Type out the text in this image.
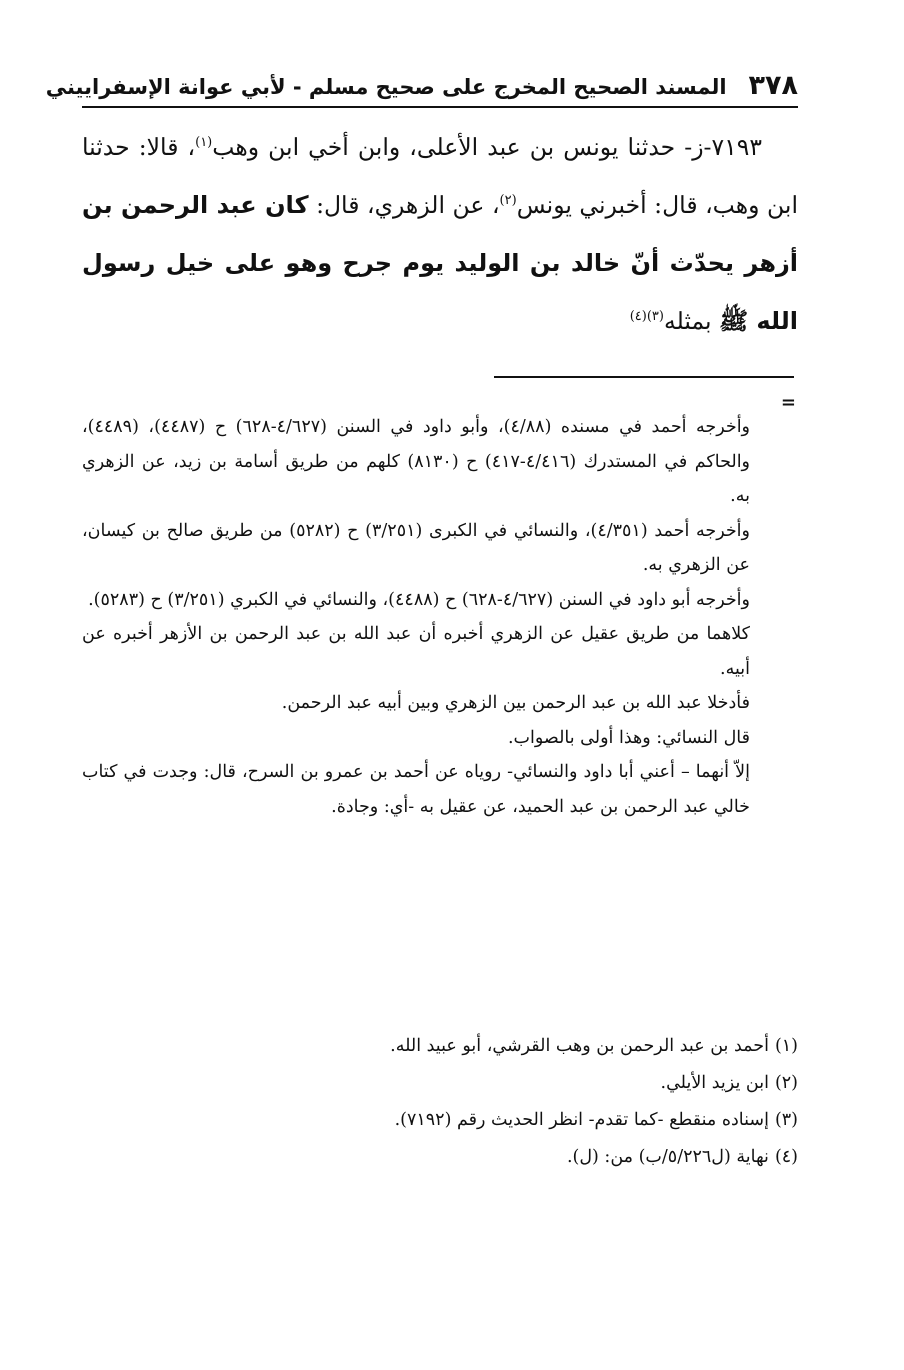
٣٧٨
المسند الصحيح المخرج على صحيح مسلم - لأبي عوانة الإسفراييني

٧١٩٣-ز- حدثنا يونس بن عبد الأعلى، وابن أخي ابن وهب$^{(١)}$، قالا: حدثنا ابن وهب، قال: أخبرني يونس$^{(٢)}$، عن الزهري، قال: كان عبد الرحمن بن أزهر يحدّث أنّ خالد بن الوليد يوم جرح وهو على خيل رسول الله ﷺ بمثله$^{(٣)(٤)}$

=

وأخرجه أحمد في مسنده (٤/٨٨)، وأبو داود في السنن (٤/٦٢٧-٦٢٨) ح (٤٤٨٧)، (٤٤٨٩)، والحاكم في المستدرك (٤/٤١٦-٤١٧) ح (٨١٣٠) كلهم من طريق أسامة بن زيد، عن الزهري به.

وأخرجه أحمد (٤/٣٥١)، والنسائي في الكبرى (٣/٢٥١) ح (٥٢٨٢) من طريق صالح بن كيسان، عن الزهري به.

وأخرجه أبو داود في السنن (٤/٦٢٧-٦٢٨) ح (٤٤٨٨)، والنسائي في الكبري (٣/٢٥١) ح (٥٢٨٣).

كلاهما من طريق عقيل عن الزهري أخبره أن عبد الله بن عبد الرحمن بن الأزهر أخبره عن أبيه.

فأدخلا عبد الله بن عبد الرحمن بين الزهري وبين أبيه عبد الرحمن.

قال النسائي: وهذا أولى بالصواب.

إلاّ أنهما – أعني أبا داود والنسائي- روياه عن أحمد بن عمرو بن السرح، قال: وجدت في كتاب خالي عبد الرحمن بن عبد الحميد، عن عقيل به -أي: وجادة.

(١)أحمد بن عبد الرحمن بن وهب القرشي، أبو عبيد الله.

(٢)ابن يزيد الأيلي.

(٣)إسناده منقطع -كما تقدم- انظر الحديث رقم (٧١٩٢).

(٤)نهاية (ل٥/٢٢٦/ب) من: (ل).
